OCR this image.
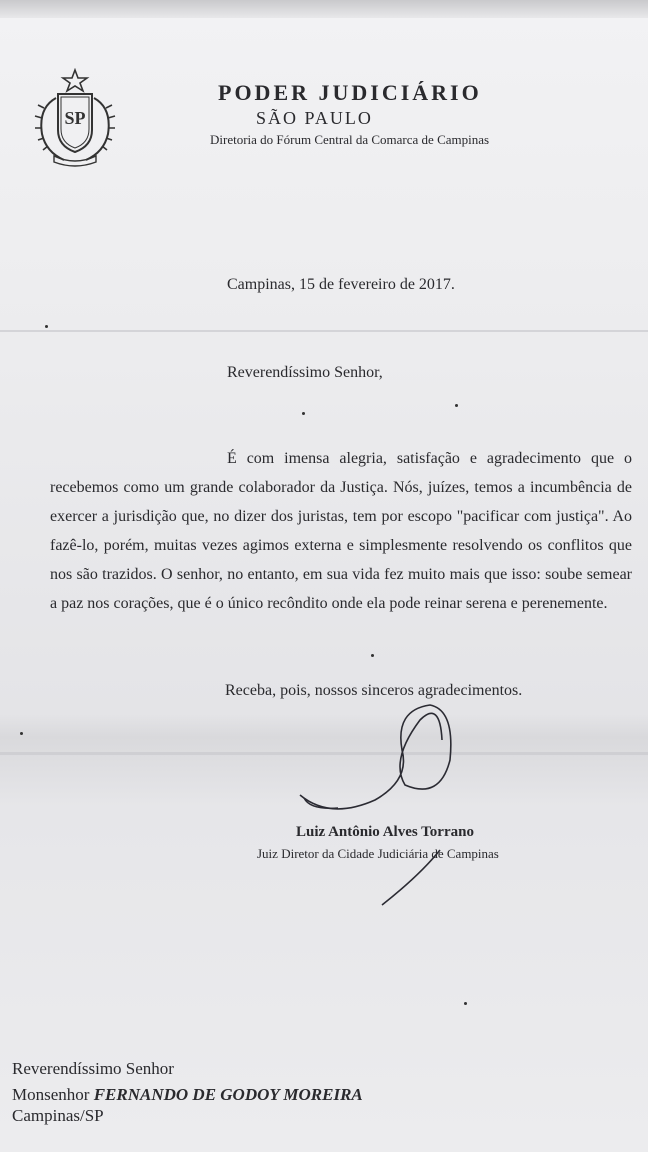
SP
PODER JUDICIÁRIO
SÃO PAULO
Diretoria do Fórum Central da Comarca de Campinas
Campinas, 15 de fevereiro de 2017.
Reverendíssimo Senhor,
É com imensa alegria, satisfação e agradecimento que o recebemos como um grande colaborador da Justiça. Nós, juízes, temos a incumbência de exercer a jurisdição que, no dizer dos juristas, tem por escopo "pacificar com justiça". Ao fazê-lo, porém, muitas vezes agimos externa e simplesmente resolvendo os conflitos que nos são trazidos. O senhor, no entanto, em sua vida fez muito mais que isso: soube semear a paz nos corações, que é o único recôndito onde ela pode reinar serena e perenemente.
Receba, pois, nossos sinceros agradecimentos.
Luiz Antônio Alves Torrano
Juiz Diretor da Cidade Judiciária de Campinas
Reverendíssimo Senhor
Monsenhor FERNANDO DE GODOY MOREIRA
Campinas/SP
